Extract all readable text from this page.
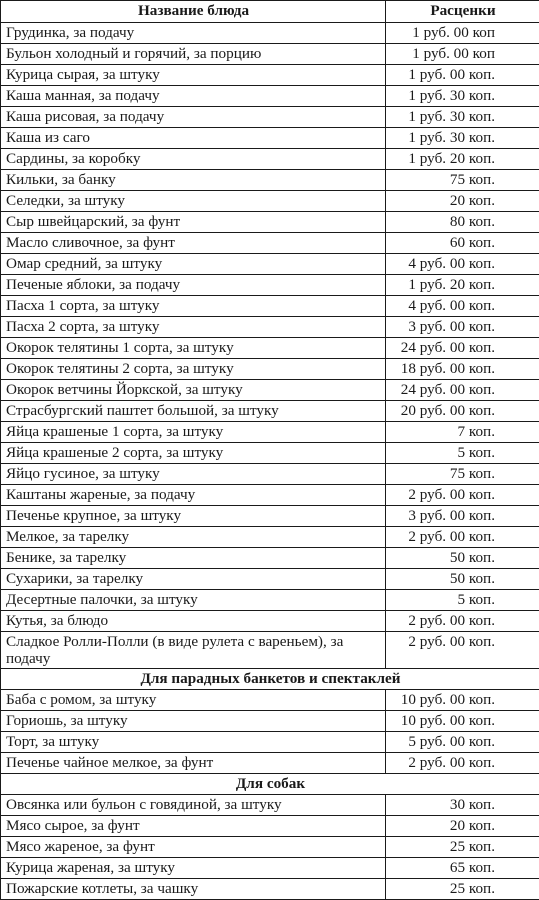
Название блюда	Расценки
Грудинка, за подачу	1 руб. 00 коп
Бульон холодный и горячий, за порцию	1 руб. 00 коп
Курица сырая, за штуку	1 руб. 00 коп.
Каша манная, за подачу	1 руб. 30 коп.
Каша рисовая, за подачу	1 руб. 30 коп.
Каша из саго	1 руб. 30 коп.
Сардины, за коробку	1 руб. 20 коп.
Кильки, за банку	75 коп.
Селедки, за штуку	20 коп.
Сыр швейцарский, за фунт	80 коп.
Масло сливочное, за фунт	60 коп.
Омар средний, за штуку	4 руб. 00 коп.
Печеные яблоки, за подачу	1 руб. 20 коп.
Пасха 1 сорта, за штуку	4 руб. 00 коп.
Пасха 2 сорта, за штуку	3 руб. 00 коп.
Окорок телятины 1 сорта, за штуку	24 руб. 00 коп.
Окорок телятины 2 сорта, за штуку	18 руб. 00 коп.
Окорок ветчины Йоркской, за штуку	24 руб. 00 коп.
Страсбургский паштет большой, за штуку	20 руб. 00 коп.
Яйца крашеные 1 сорта, за штуку	7 коп.
Яйца крашеные 2 сорта, за штуку	5 коп.
Яйцо гусиное, за штуку	75 коп.
Каштаны жареные, за подачу	2 руб. 00 коп.
Печенье крупное, за штуку	3 руб. 00 коп.
Мелкое, за тарелку	2 руб. 00 коп.
Беникe, за тарелку	50 коп.
Сухарики, за тарелку	50 коп.
Десертные палочки, за штуку	5 коп.
Кутья, за блюдо	2 руб. 00 коп.
Сладкое Ролли-Полли (в виде рулета с вареньем), за подачу	2 руб. 00 коп.
Для парадных банкетов и спектаклей	
Баба с ромом, за штуку	10 руб. 00 коп.
Гориошь, за штуку	10 руб. 00 коп.
Торт, за штуку	5 руб. 00 коп.
Печенье чайное мелкое, за фунт	2 руб. 00 коп.
Для собак	
Овсянка или бульон с говядиной, за штуку	30 коп.
Мясо сырое, за фунт	20 коп.
Мясо жареное, за фунт	25 коп.
Курица жареная, за штуку	65 коп.
Пожарские котлеты, за чашку	25 коп.
